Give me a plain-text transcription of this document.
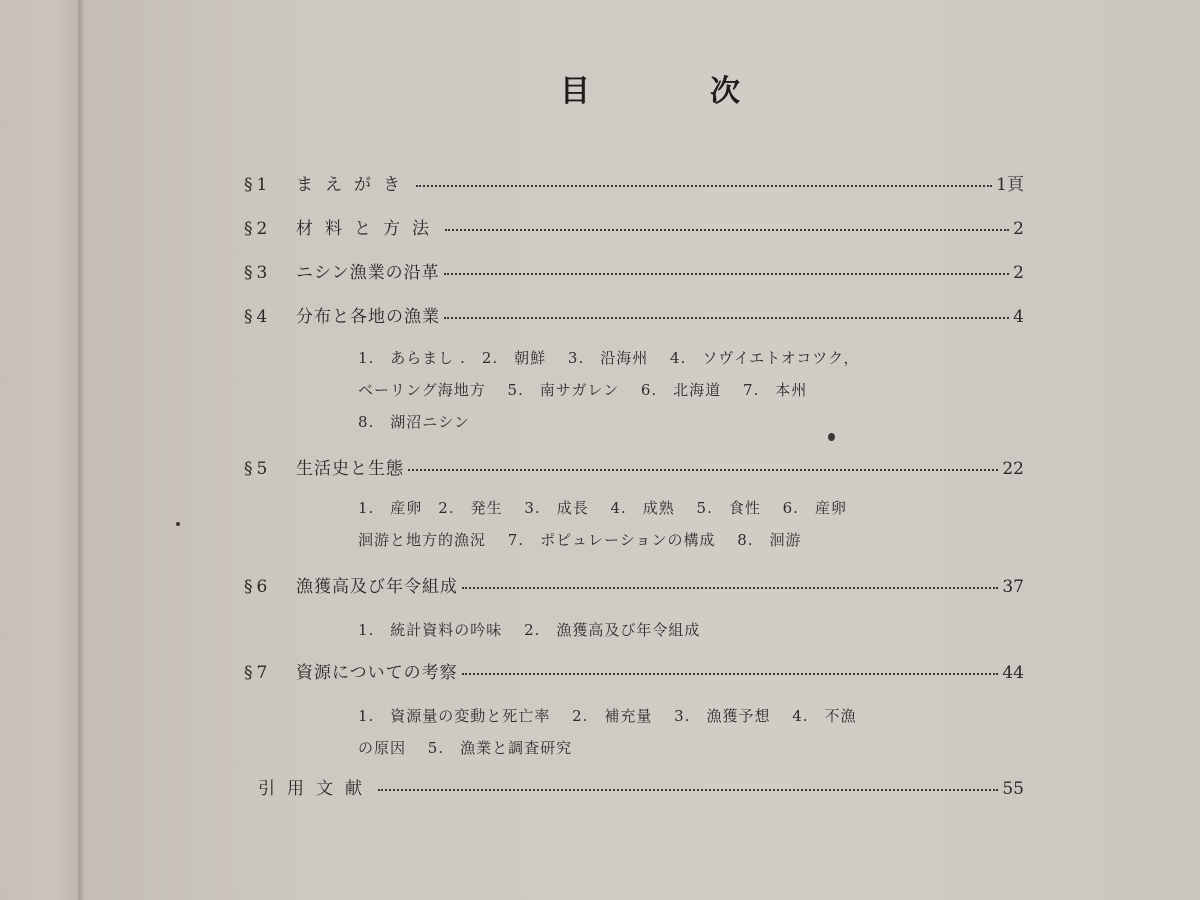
目	次
§1	まえがき	1頁
§2	材料と方法	2
§3	ニシン漁業の沿革	2
§4	分布と各地の漁業	4
1.　あらまし .　2.　朝鮮　 3.　沿海州　 4.　ソヴイエトオコツク，
ベーリング海地方　 5.　南サガレン　 6.　北海道　 7.　本州
8.　湖沼ニシン
§5	生活史と生態	22
1.　産卵　2.　発生　 3.　成長　 4.　成熟　 5.　食性　 6.　産卵
洄游と地方的漁況　 7.　ポピュレーションの構成　 8.　洄游
§6	漁獲高及び年令組成	37
1.　統計資料の吟味　 2.　漁獲高及び年令組成
§7	資源についての考察	44
1.　資源量の変動と死亡率　 2.　補充量　 3.　漁獲予想　 4.　不漁
の原因　 5.　漁業と調査研究
引用文献	55
